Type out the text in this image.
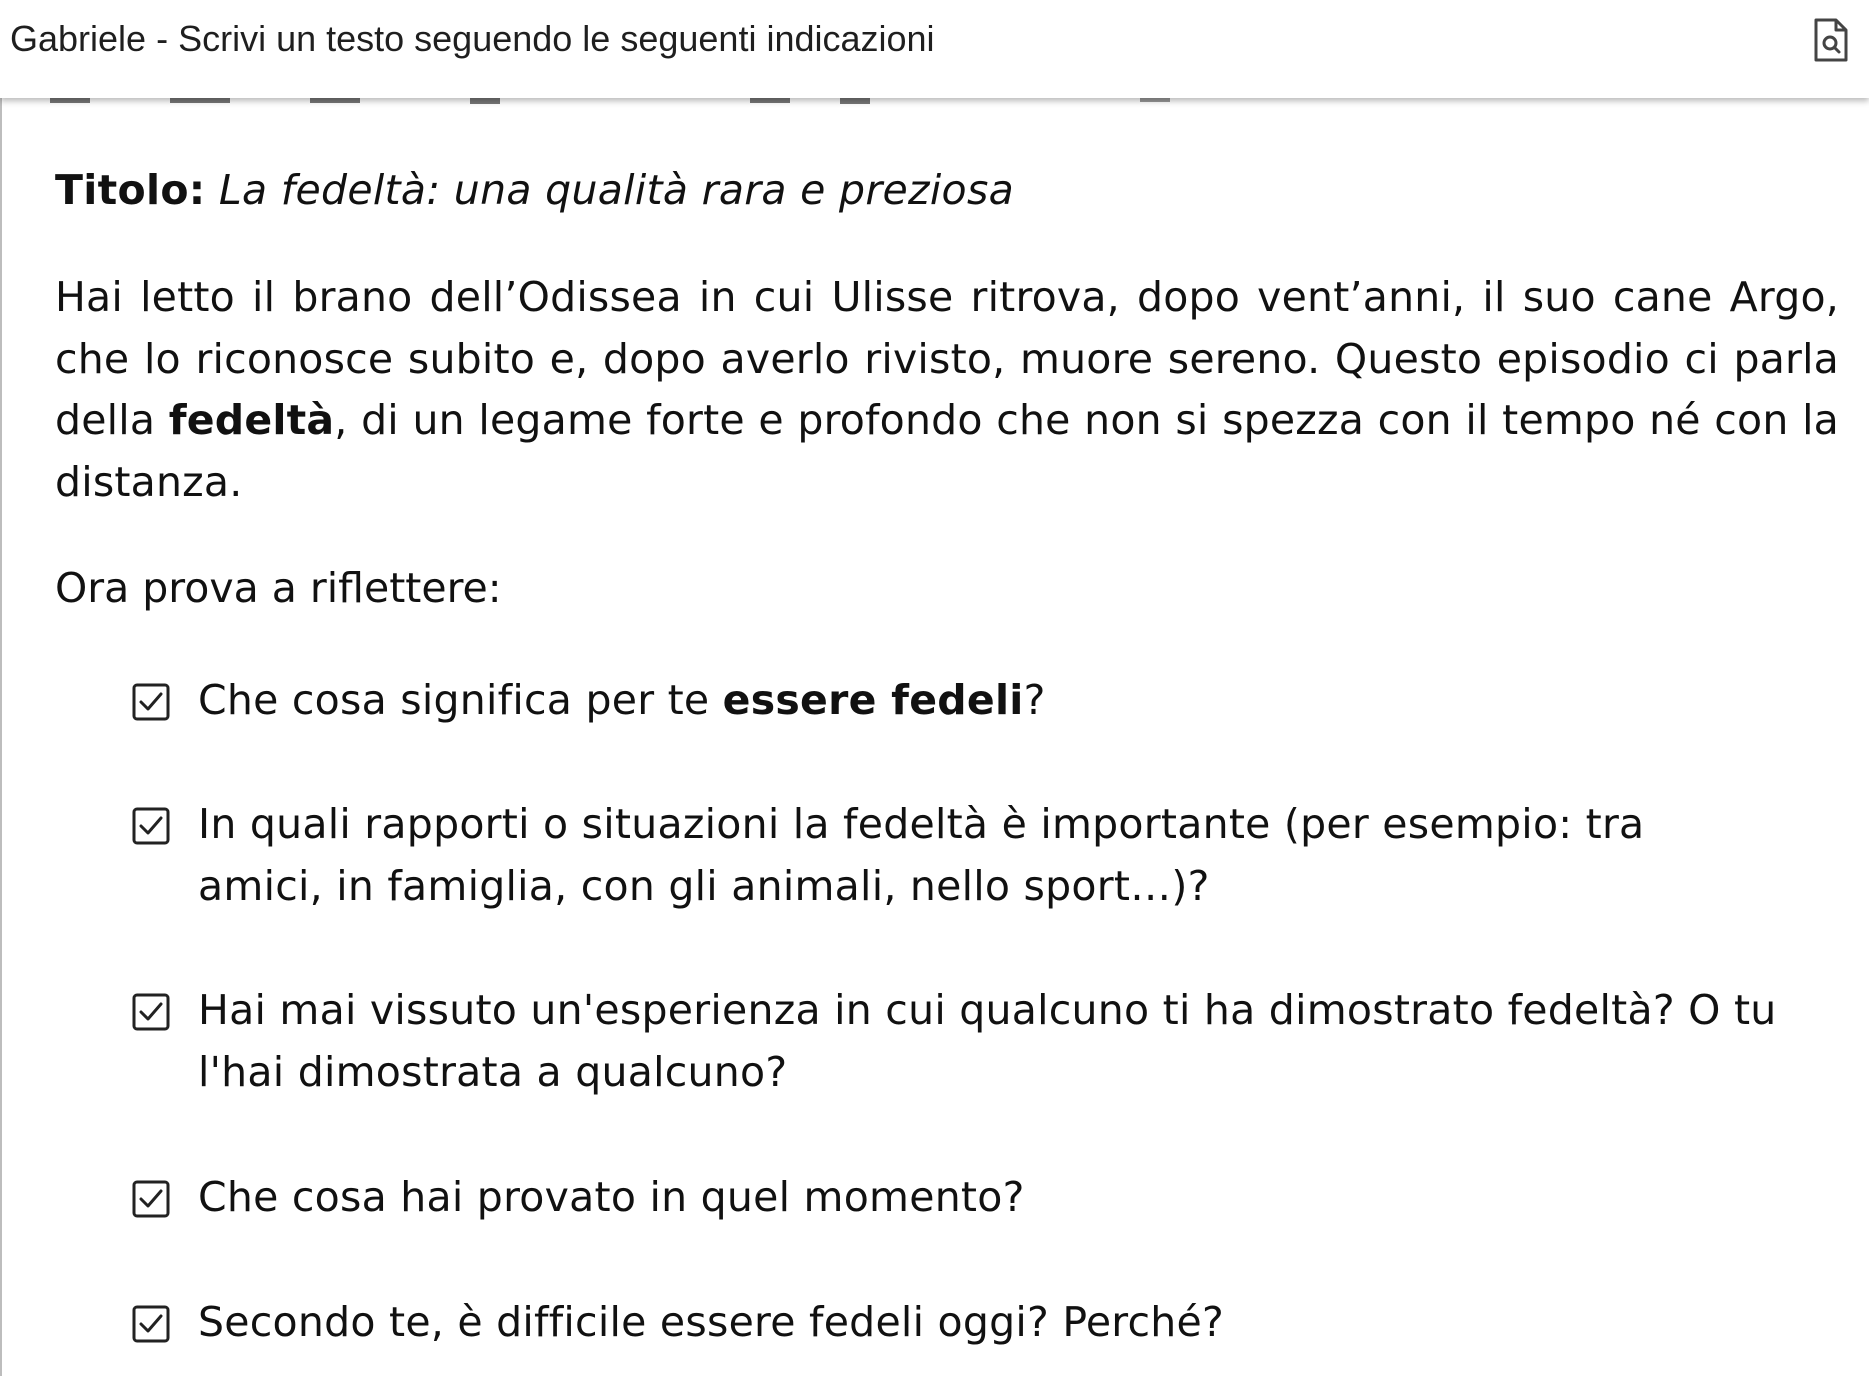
Gabriele - Scrivi un testo seguendo le seguenti indicazioni

Titolo: La fedeltà: una qualità rara e preziosa

Hai letto il brano dell’Odissea in cui Ulisse ritrova, dopo vent’anni, il suo cane Argo, che lo riconosce subito e, dopo averlo rivisto, muore sereno. Questo episodio ci parla della fedeltà, di un legame forte e profondo che non si spezza con il tempo né con la distanza.

Ora prova a riflettere:

Che cosa significa per te essere fedeli?
In quali rapporti o situazioni la fedeltà è importante (per esempio: tra amici, in famiglia, con gli animali, nello sport…)?
Hai mai vissuto un'esperienza in cui qualcuno ti ha dimostrato fedeltà? O tu l'hai dimostrata a qualcuno?
Che cosa hai provato in quel momento?
Secondo te, è difficile essere fedeli oggi? Perché?
